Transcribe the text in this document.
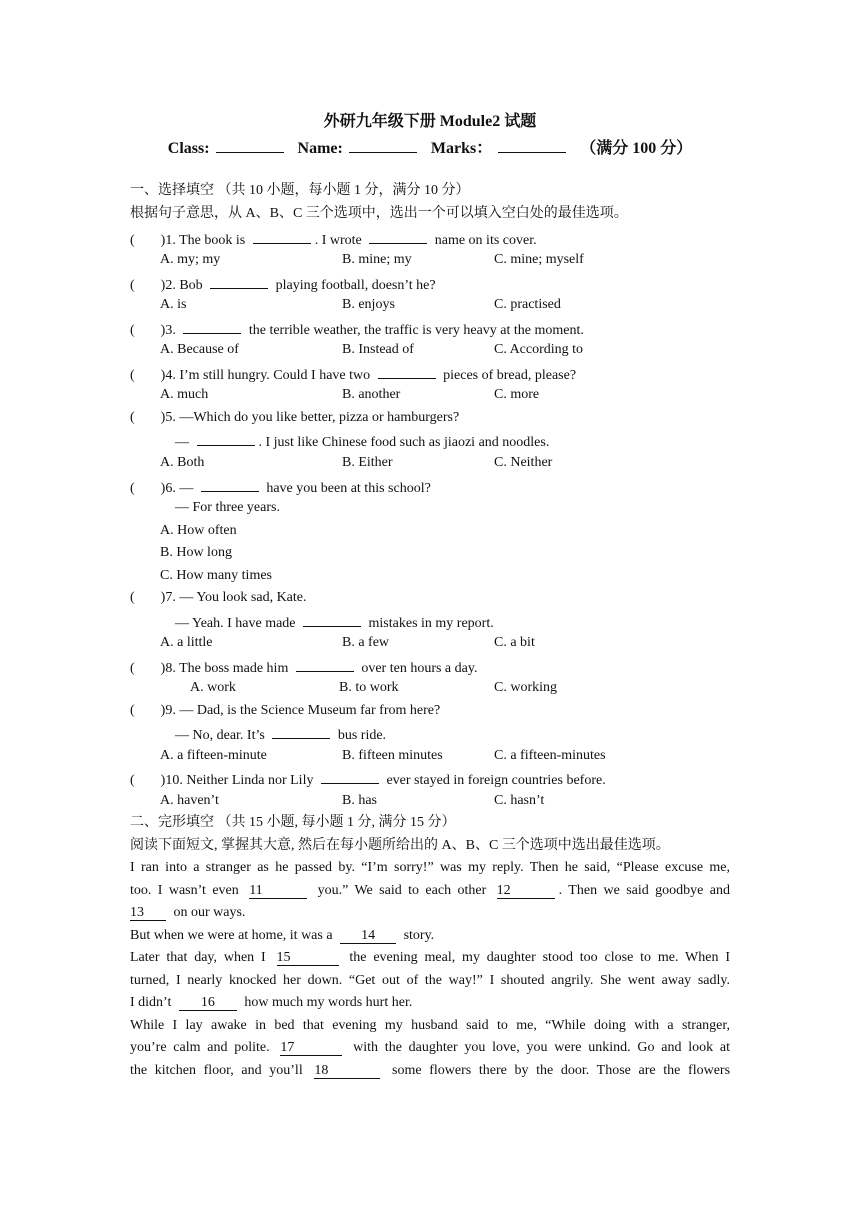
外研九年级下册 Module2 试题
Class:	Name:	Marks：	（满分 100 分）
一、选择填空 （共 10 小题，每小题 1 分，满分 10 分）
根据句子意思，从 A、B、C 三个选项中，选出一个可以填入空白处的最佳选项。
( )1. The book is	. I wrote	name on its cover.
A. my; my	B. mine; my	C. mine; myself
( )2. Bob	playing football, doesn’t he?
A. is	B. enjoys	C. practised
( )3.	the terrible weather, the traffic is very heavy at the moment.
A. Because of	B. Instead of	C. According to
( )4. I’m still hungry. Could I have two	pieces of bread, please?
A. much	B. another	C. more
( )5. —Which do you like better, pizza or hamburgers?
—	. I just like Chinese food such as jiaozi and noodles.
A. Both	B. Either	C. Neither
( )6. —	have you been at this school?
— For three years.
A. How often
B. How long
C. How many times
( )7. — You look sad, Kate.
— Yeah. I have made	mistakes in my report.
A. a little	B. a few	C. a bit
( )8. The boss made him	over ten hours a day.
A. work	B. to work	C. working
( )9. — Dad, is the Science Museum far from here?
— No, dear. It’s	bus ride.
A. a fifteen-minute	B. fifteen minutes	C. a fifteen-minutes
( )10. Neither Linda nor Lily	ever stayed in foreign countries before.
A. haven’t	B. has	C. hasn’t
二、完形填空 （共 15 小题, 每小题 1 分, 满分 15 分）
阅读下面短文, 掌握其大意, 然后在每小题所给出的 A、B、C 三个选项中选出最佳选项。

I ran into a stranger as he passed by. “I’m sorry!” was my reply. Then he said, “Please excuse me,

too. I wasn’t even 11	you.” We said to each other 12	. Then we said goodbye and

13 on our ways.

But when we were at home, it was a 14 story.

Later that day, when I 15	the evening meal, my daughter stood too close to me. When I

turned, I nearly knocked her down. “Get out of the way!” I shouted angrily. She went away sadly.

I didn’t 16 how much my words hurt her.

While I lay awake in bed that evening my husband said to me, “While doing with a stranger,

you’re calm and polite. 17	with the daughter you love, you were unkind. Go and look at

the kitchen floor, and you’ll 18	some flowers there by the door. Those are the flowers
